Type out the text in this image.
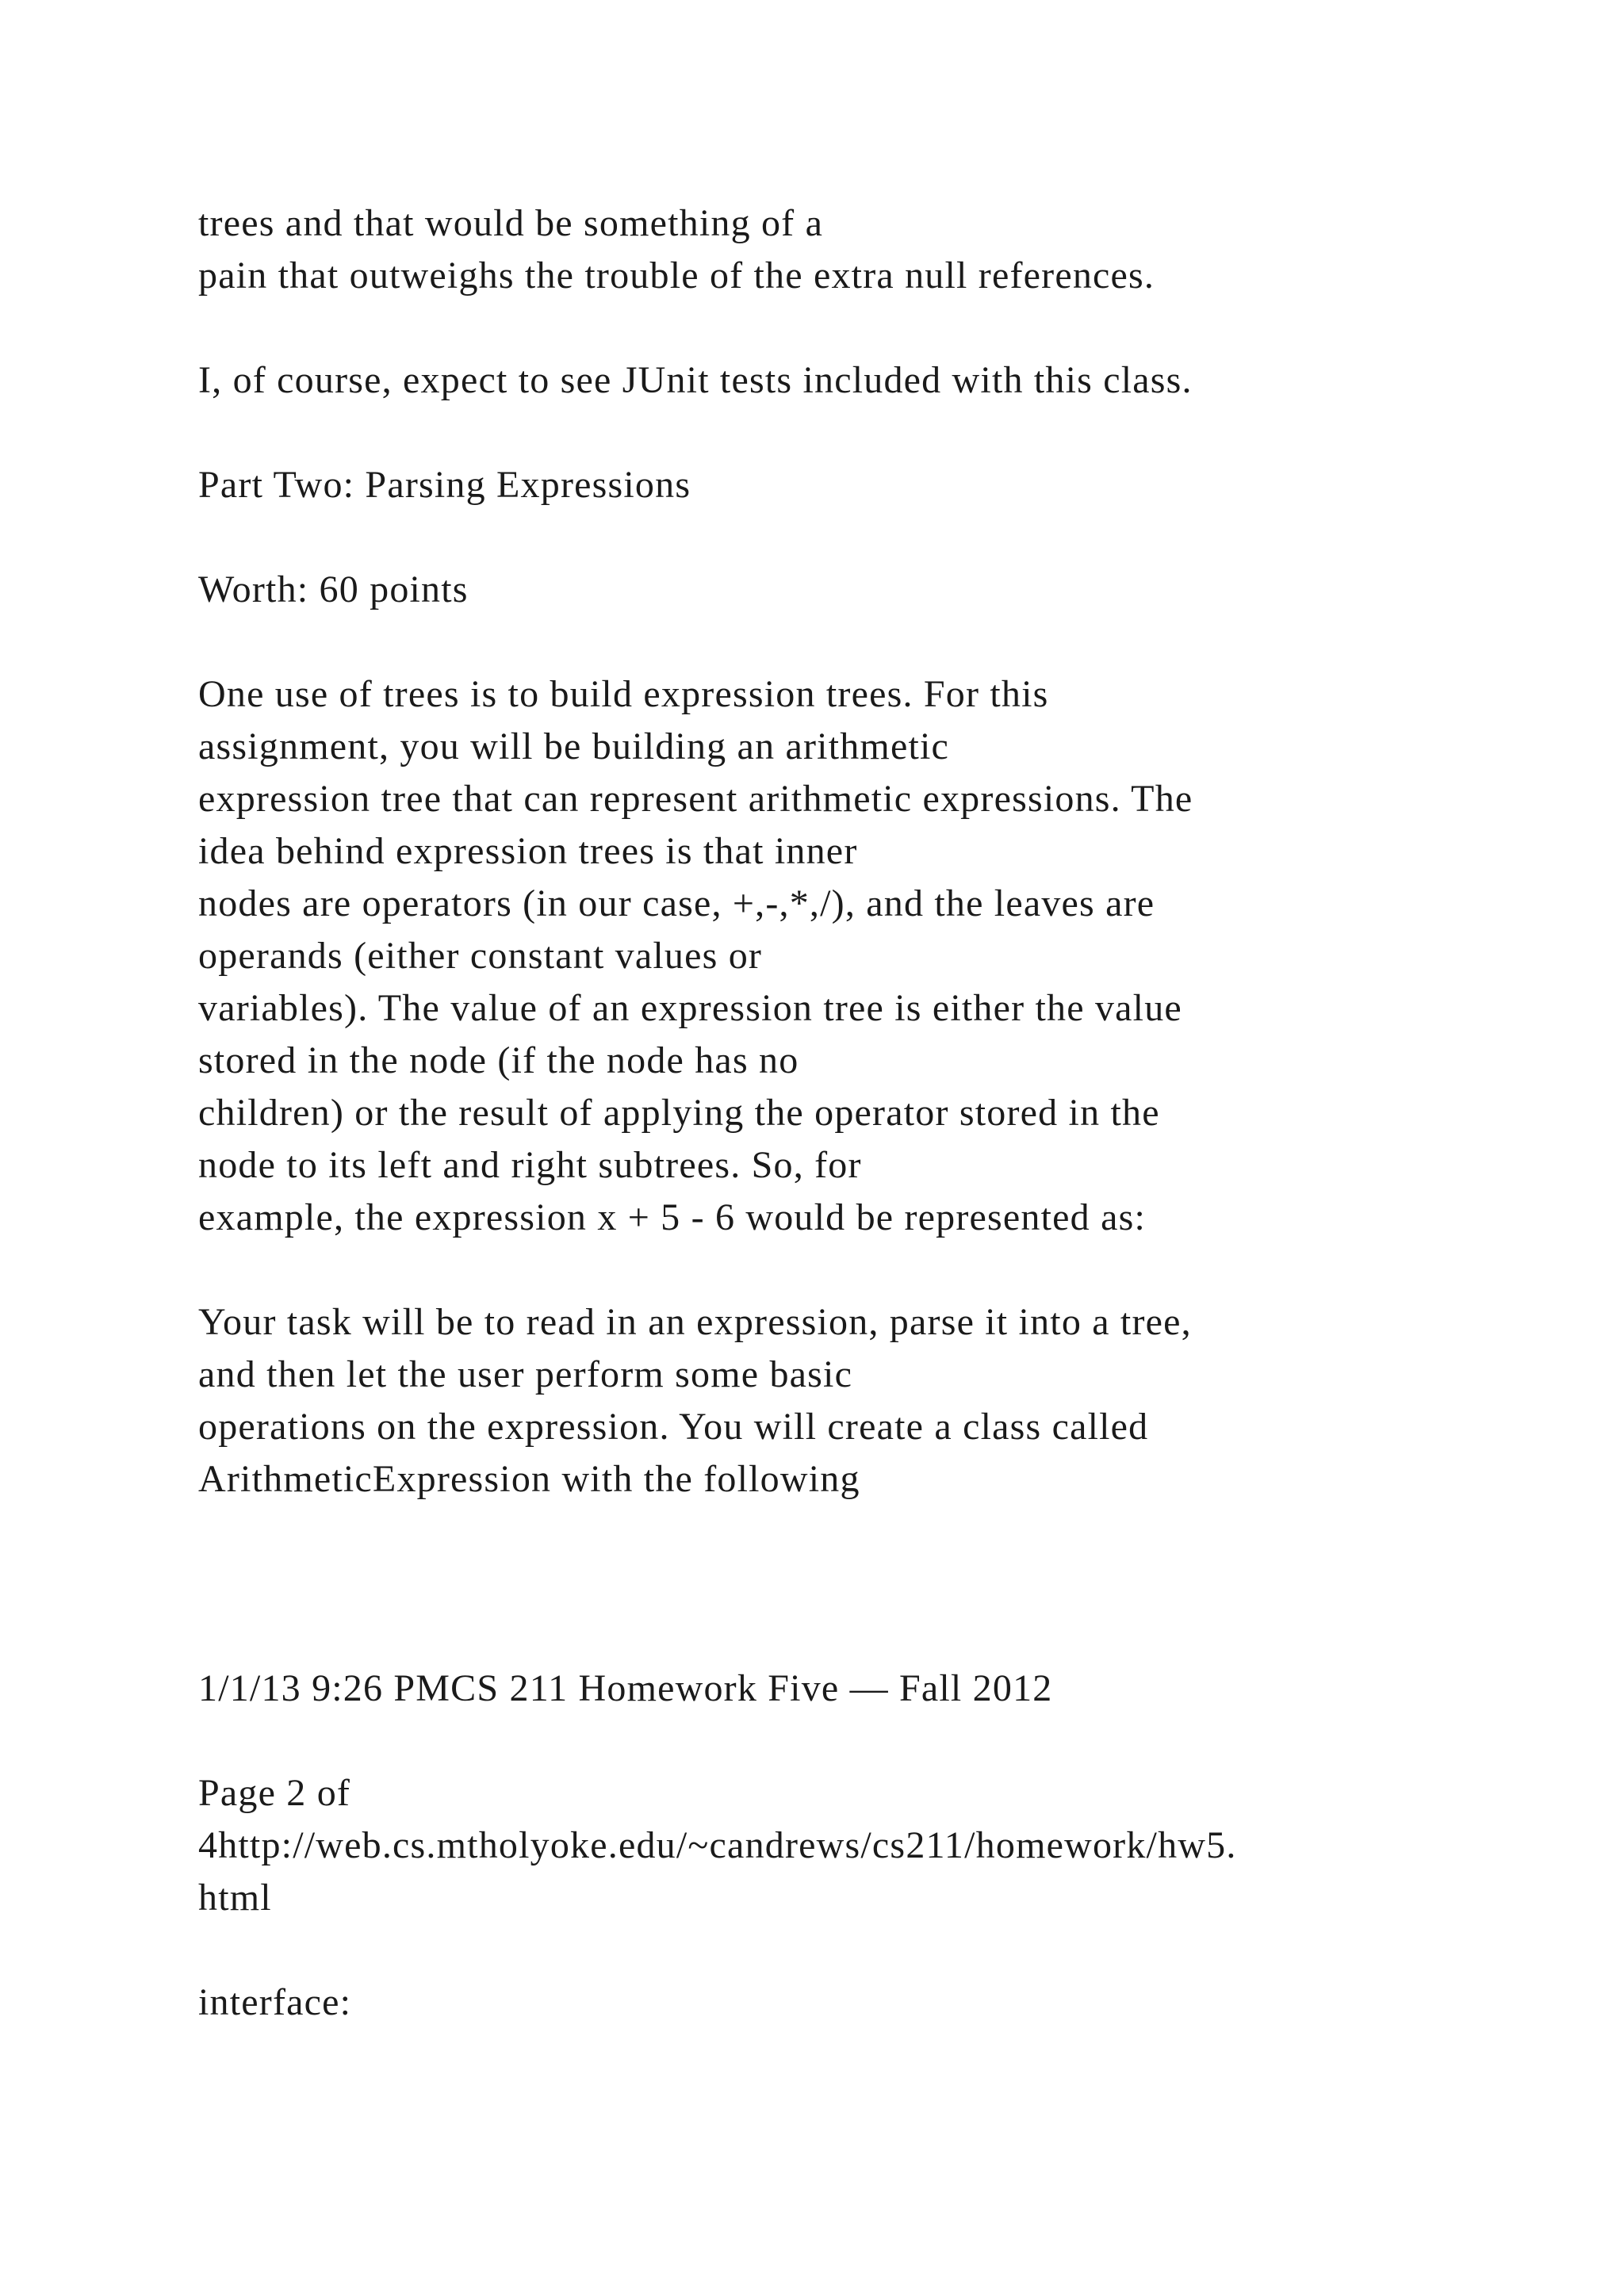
trees and that would be something of a

pain that outweighs the trouble of the extra null references.

I, of course, expect to see JUnit tests included with this class.

Part Two: Parsing Expressions

Worth: 60 points

One use of trees is to build expression trees. For this

assignment, you will be building an arithmetic

expression tree that can represent arithmetic expressions. The

idea behind expression trees is that inner

nodes are operators (in our case, +,-,*,/), and the leaves are

operands (either constant values or

variables). The value of an expression tree is either the value

stored in the node (if the node has no

children) or the result of applying the operator stored in the

node to its left and right subtrees. So, for

example, the expression x + 5 - 6 would be represented as:

Your task will be to read in an expression, parse it into a tree,

and then let the user perform some basic

operations on the expression. You will create a class called

ArithmeticExpression with the following

1/1/13 9:26 PMCS 211 Homework Five — Fall 2012

Page 2 of

4http://web.cs.mtholyoke.edu/~candrews/cs211/homework/hw5.

html

interface:
